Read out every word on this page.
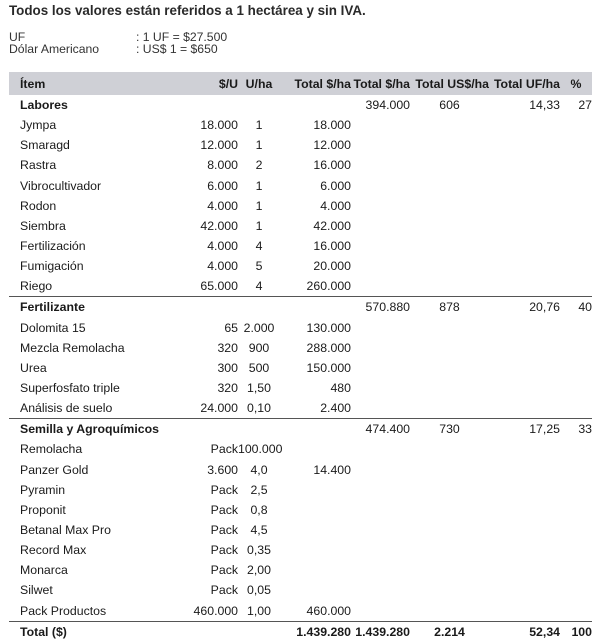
Todos los valores están referidos a 1 hectárea y sin IVA.
UF	: 1 UF = $27.500
Dólar Americano	: US$ 1 = $650
Ítem	$/U	U/ha	Total $/ha	Total $/ha	Total US$/ha	Total UF/ha	%
Labores				394.000	606	14,33	27
Jympa	18.000	1	18.000				
Smaragd	12.000	1	12.000				
Rastra	8.000	2	16.000				
Vibrocultivador	6.000	1	6.000				
Rodon	4.000	1	4.000				
Siembra	42.000	1	42.000				
Fertilización	4.000	4	16.000				
Fumigación	4.000	5	20.000				
Riego	65.000	4	260.000				
Fertilizante				570.880	878	20,76	40
Dolomita 15	65	2.000	130.000				
Mezcla Remolacha	320	900	288.000				
Urea	300	500	150.000				
Superfosfato triple	320	1,50	480				
Análisis de suelo	24.000	0,10	2.400				
Semilla y Agroquímicos				474.400	730	17,25	33
Remolacha	Pack	100.000					
Panzer Gold	3.600	4,0	14.400				
Pyramin	Pack	2,5					
Proponit	Pack	0,8					
Betanal Max Pro	Pack	4,5					
Record Max	Pack	0,35					
Monarca	Pack	2,00					
Silwet	Pack	0,05					
Pack Productos	460.000	1,00	460.000				
Total ($)			1.439.280	1.439.280	2.214	52,34	100
